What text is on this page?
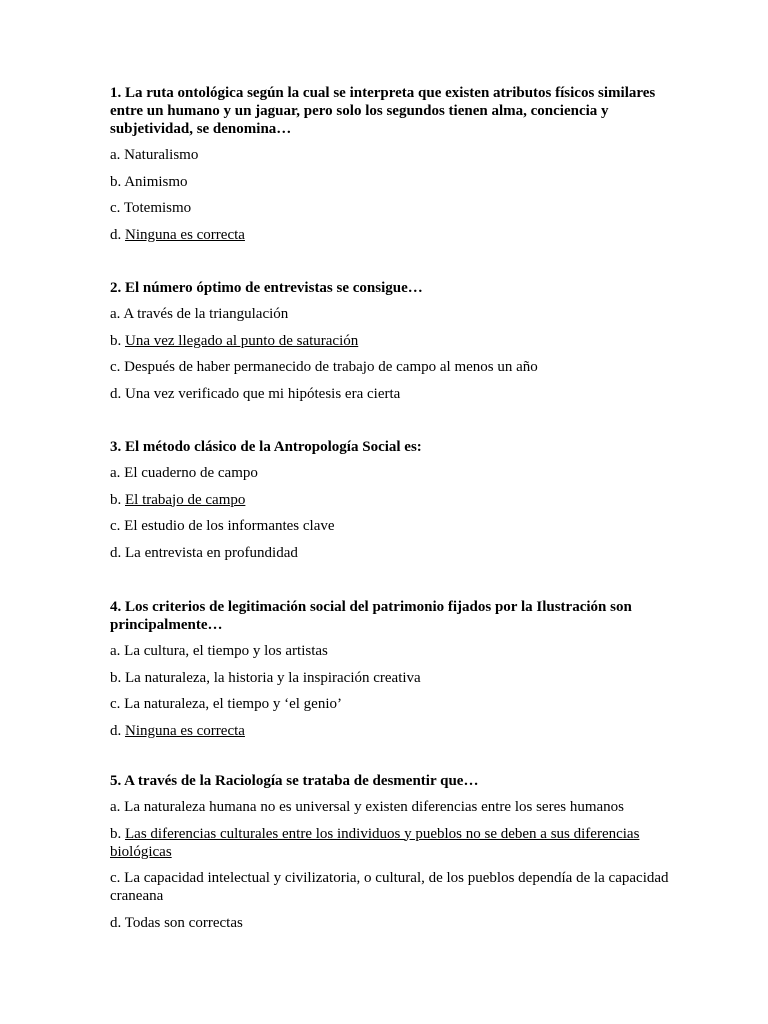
1. La ruta ontológica según la cual se interpreta que existen atributos físicos similares entre un humano y un jaguar, pero solo los segundos tienen alma, conciencia y subjetividad, se denomina…

a. Naturalismo

b. Animismo

c. Totemismo

d. Ninguna es correcta

2. El número óptimo de entrevistas se consigue…

a. A través de la triangulación

b. Una vez llegado al punto de saturación

c. Después de haber permanecido de trabajo de campo al menos un año

d. Una vez verificado que mi hipótesis era cierta

3. El método clásico de la Antropología Social es:

a. El cuaderno de campo

b. El trabajo de campo

c. El estudio de los informantes clave

d. La entrevista en profundidad

4. Los criterios de legitimación social del patrimonio fijados por la Ilustración son principalmente…

a. La cultura, el tiempo y los artistas

b. La naturaleza, la historia y la inspiración creativa

c. La naturaleza, el tiempo y ‘el genio’

d. Ninguna es correcta

5. A través de la Raciología se trataba de desmentir que…

a. La naturaleza humana no es universal y existen diferencias entre los seres humanos

b. Las diferencias culturales entre los individuos y pueblos no se deben a sus diferencias biológicas

c. La capacidad intelectual y civilizatoria, o cultural, de los pueblos dependía de la capacidad craneana

d. Todas son correctas
